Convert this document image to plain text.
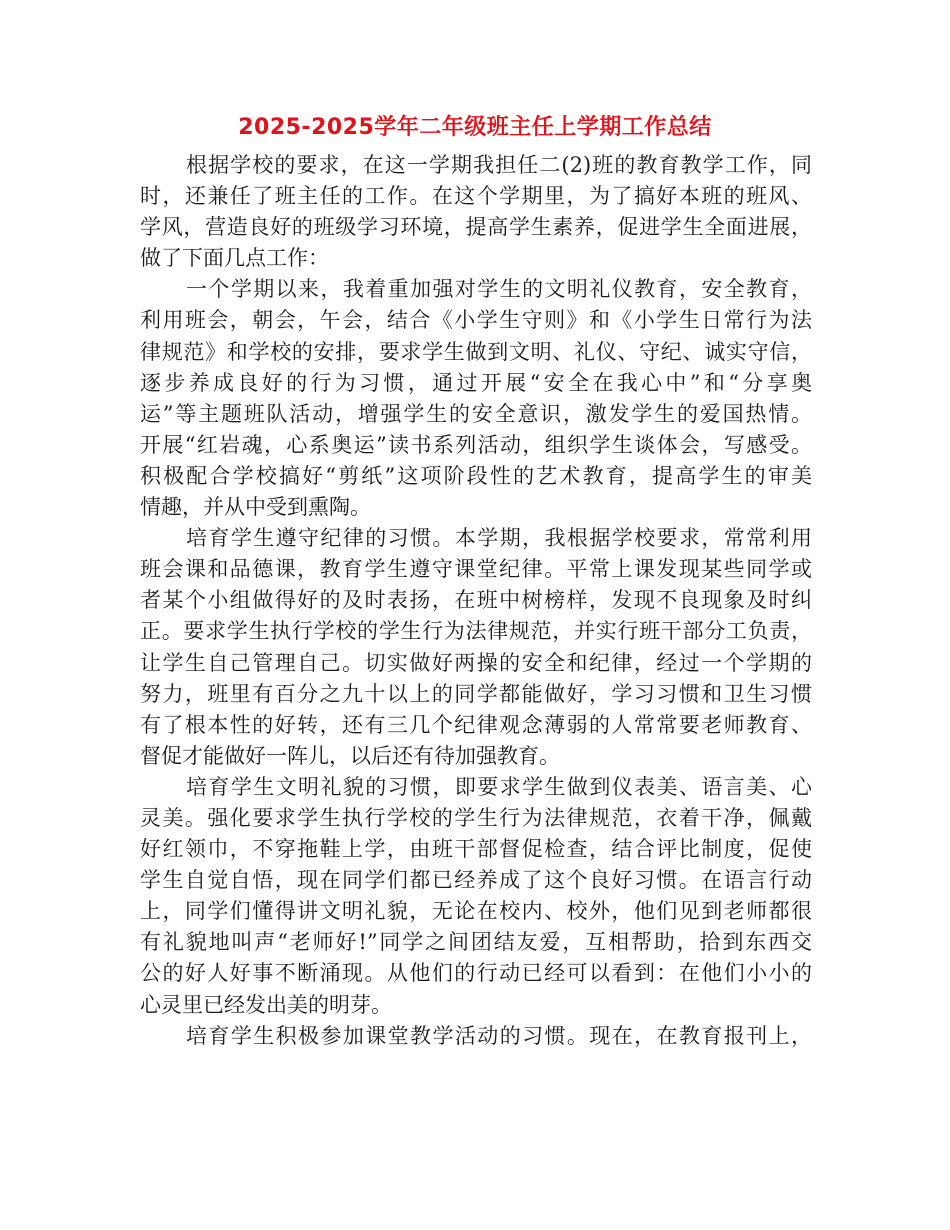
2025-2025学年二年级班主任上学期工作总结

根据学校的要求，在这一学期我担任二(2)班的教育教学工作，同
时，还兼任了班主任的工作。在这个学期里，为了搞好本班的班风、
学风，营造良好的班级学习环境，提高学生素养，促进学生全面进展，
做了下面几点工作：

一个学期以来，我着重加强对学生的文明礼仪教育，安全教育，
利用班会，朝会，午会，结合《小学生守则》和《小学生日常行为法
律规范》和学校的安排，要求学生做到文明、礼仪、守纪、诚实守信，
逐步养成良好的行为习惯，通过开展“安全在我心中”和“分享奥
运”等主题班队活动，增强学生的安全意识，激发学生的爱国热情。
开展“红岩魂，心系奥运”读书系列活动，组织学生谈体会，写感受。
积极配合学校搞好“剪纸”这项阶段性的艺术教育，提高学生的审美
情趣，并从中受到熏陶。

培育学生遵守纪律的习惯。本学期，我根据学校要求，常常利用
班会课和品德课，教育学生遵守课堂纪律。平常上课发现某些同学或
者某个小组做得好的及时表扬，在班中树榜样，发现不良现象及时纠
正。要求学生执行学校的学生行为法律规范，并实行班干部分工负责，
让学生自己管理自己。切实做好两操的安全和纪律，经过一个学期的
努力，班里有百分之九十以上的同学都能做好，学习习惯和卫生习惯
有了根本性的好转，还有三几个纪律观念薄弱的人常常要老师教育、
督促才能做好一阵儿，以后还有待加强教育。

培育学生文明礼貌的习惯，即要求学生做到仪表美、语言美、心
灵美。强化要求学生执行学校的学生行为法律规范，衣着干净，佩戴
好红领巾，不穿拖鞋上学，由班干部督促检查，结合评比制度，促使
学生自觉自悟，现在同学们都已经养成了这个良好习惯。在语言行动
上，同学们懂得讲文明礼貌，无论在校内、校外，他们见到老师都很
有礼貌地叫声“老师好!”同学之间团结友爱，互相帮助，拾到东西交
公的好人好事不断涌现。从他们的行动已经可以看到：在他们小小的
心灵里已经发出美的明芽。

培育学生积极参加课堂教学活动的习惯。现在，在教育报刊上，
